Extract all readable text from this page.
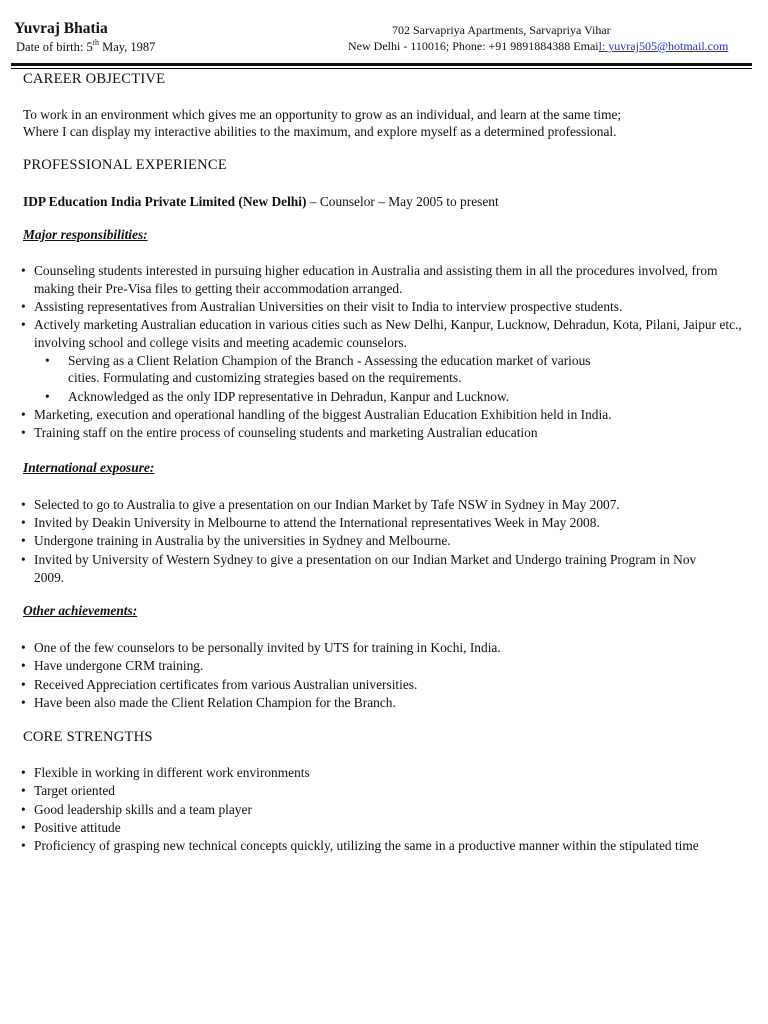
Yuvraj Bhatia
Date of birth: 5th May, 1987
702 Sarvapriya Apartments, Sarvapriya Vihar
New Delhi - 110016; Phone: +91 9891884388 Email: yuvraj505@hotmail.com
CAREER OBJECTIVE
To work in an environment which gives me an opportunity to grow as an individual, and learn at the same time;
Where I can display my interactive abilities to the maximum, and explore myself as a determined professional.
PROFESSIONAL EXPERIENCE
IDP Education India Private Limited (New Delhi) – Counselor – May 2005 to present
Major responsibilities:
• Counseling students interested in pursuing higher education in Australia and assisting them in all the procedures involved, from making their Pre-Visa files to getting their accommodation arranged.
• Assisting representatives from Australian Universities on their visit to India to interview prospective students.
• Actively marketing Australian education in various cities such as New Delhi, Kanpur, Lucknow, Dehradun, Kota, Pilani, Jaipur etc., involving school and college visits and meeting academic counselors.
•	Serving as a Client Relation Champion of the Branch - Assessing the education market of various
cities. Formulating and customizing strategies based on the requirements.
•	Acknowledged as the only IDP representative in Dehradun, Kanpur and Lucknow.
• Marketing, execution and operational handling of the biggest Australian Education Exhibition held in India.
• Training staff on the entire process of counseling students and marketing Australian education
International exposure:
• Selected to go to Australia to give a presentation on our Indian Market by Tafe NSW in Sydney in May 2007.
• Invited by Deakin University in Melbourne to attend the International representatives Week in May 2008.
• Undergone training in Australia by the universities in Sydney and Melbourne.
• Invited by University of Western Sydney to give a presentation on our Indian Market and Undergo training Program in Nov 2009.
Other achievements:
• One of the few counselors to be personally invited by UTS for training in Kochi, India.
• Have undergone CRM training.
• Received Appreciation certificates from various Australian universities.
• Have been also made the Client Relation Champion for the Branch.
CORE STRENGTHS
• Flexible in working in different work environments
• Target oriented
• Good leadership skills and a team player
• Positive attitude
• Proficiency of grasping new technical concepts quickly, utilizing the same in a productive manner within the stipulated time
